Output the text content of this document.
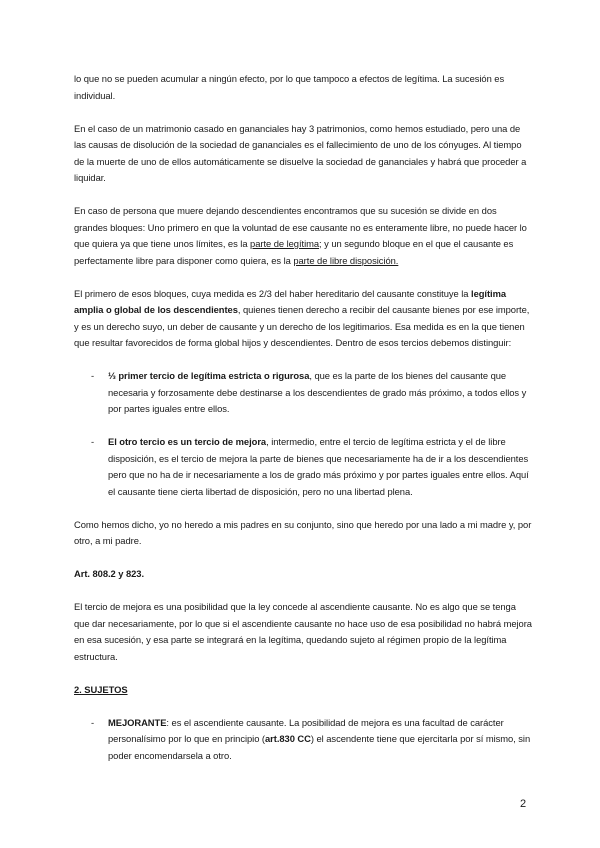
lo que no se pueden acumular a ningún efecto, por lo que tampoco a efectos de legítima. La sucesión es individual.

En el caso de un matrimonio casado en gananciales hay 3 patrimonios, como hemos estudiado, pero una de las causas de disolución de la sociedad de gananciales es el fallecimiento de uno de los cónyuges. Al tiempo de la muerte de uno de ellos automáticamente se disuelve la sociedad de gananciales y habrá que proceder a liquidar.

En caso de persona que muere dejando descendientes encontramos que su sucesión se divide en dos grandes bloques: Uno primero en que la voluntad de ese causante no es enteramente libre, no puede hacer lo que quiera ya que tiene unos límites, es la parte de legítima; y un segundo bloque en el que el causante es perfectamente libre para disponer como quiera, es la parte de libre disposición.

El primero de esos bloques, cuya medida es 2/3 del haber hereditario del causante constituye la legítima amplia o global de los descendientes, quienes tienen derecho a recibir del causante bienes por ese importe, y es un derecho suyo, un deber de causante y un derecho de los legitimarios. Esa medida es en la que tienen que resultar favorecidos de forma global hijos y descendientes. Dentro de esos tercios debemos distinguir:

- ⅓ primer tercio de legítima estricta o rigurosa, que es la parte de los bienes del causante que necesaria y forzosamente debe destinarse a los descendientes de grado más próximo, a todos ellos y por partes iguales entre ellos.
- El otro tercio es un tercio de mejora, intermedio, entre el tercio de legítima estricta y el de libre disposición, es el tercio de mejora la parte de bienes que necesariamente ha de ir a los descendientes pero que no ha de ir necesariamente a los de grado más próximo y por partes iguales entre ellos. Aquí el causante tiene cierta libertad de disposición, pero no una libertad plena.

Como hemos dicho, yo no heredo a mis padres en su conjunto, sino que heredo por una lado a mi madre y, por otro, a mi padre.

Art. 808.2 y 823.

El tercio de mejora es una posibilidad que la ley concede al ascendiente causante. No es algo que se tenga que dar necesariamente, por lo que si el ascendiente causante no hace uso de esa posibilidad no habrá mejora en esa sucesión, y esa parte se integrará en la legítima, quedando sujeto al régimen propio de la legítima estructura.

2. SUJETOS

- MEJORANTE: es el ascendiente causante. La posibilidad de mejora es una facultad de carácter personalísimo por lo que en principio (art.830 CC) el ascendente tiene que ejercitarla por sí mismo, sin poder encomendarsela a otro.
2
